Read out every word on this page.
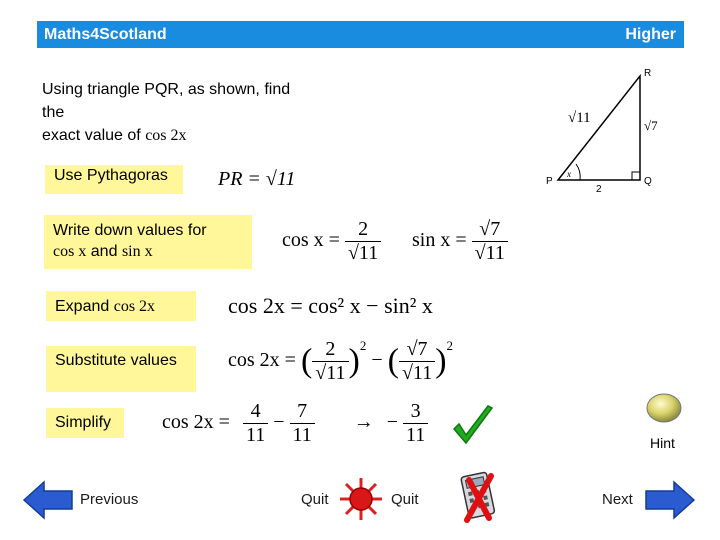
Maths4Scotland	Higher
Using triangle PQR, as shown, find
the
exact value of cos 2x
R
P	Q
√11	√7
2
x
Use Pythagoras
Write down values for
cos x and sin x
Expand cos 2x
Substitute values
Simplify
PR = √11
$\cos x = \frac{2}{√11}$ $\sin x = \frac{√7}{√11}$
cos 2x = cos² x − sin² x
cos 2x = ( $\frac{2}{√11} )^2$ − ( $\frac{√7}{√11} )^2$
$\cos 2x = \frac{4}{11} - \frac{7}{11}$ → − $\frac{3}{11}$	Hint
Previous	Quit	Quit	Next
